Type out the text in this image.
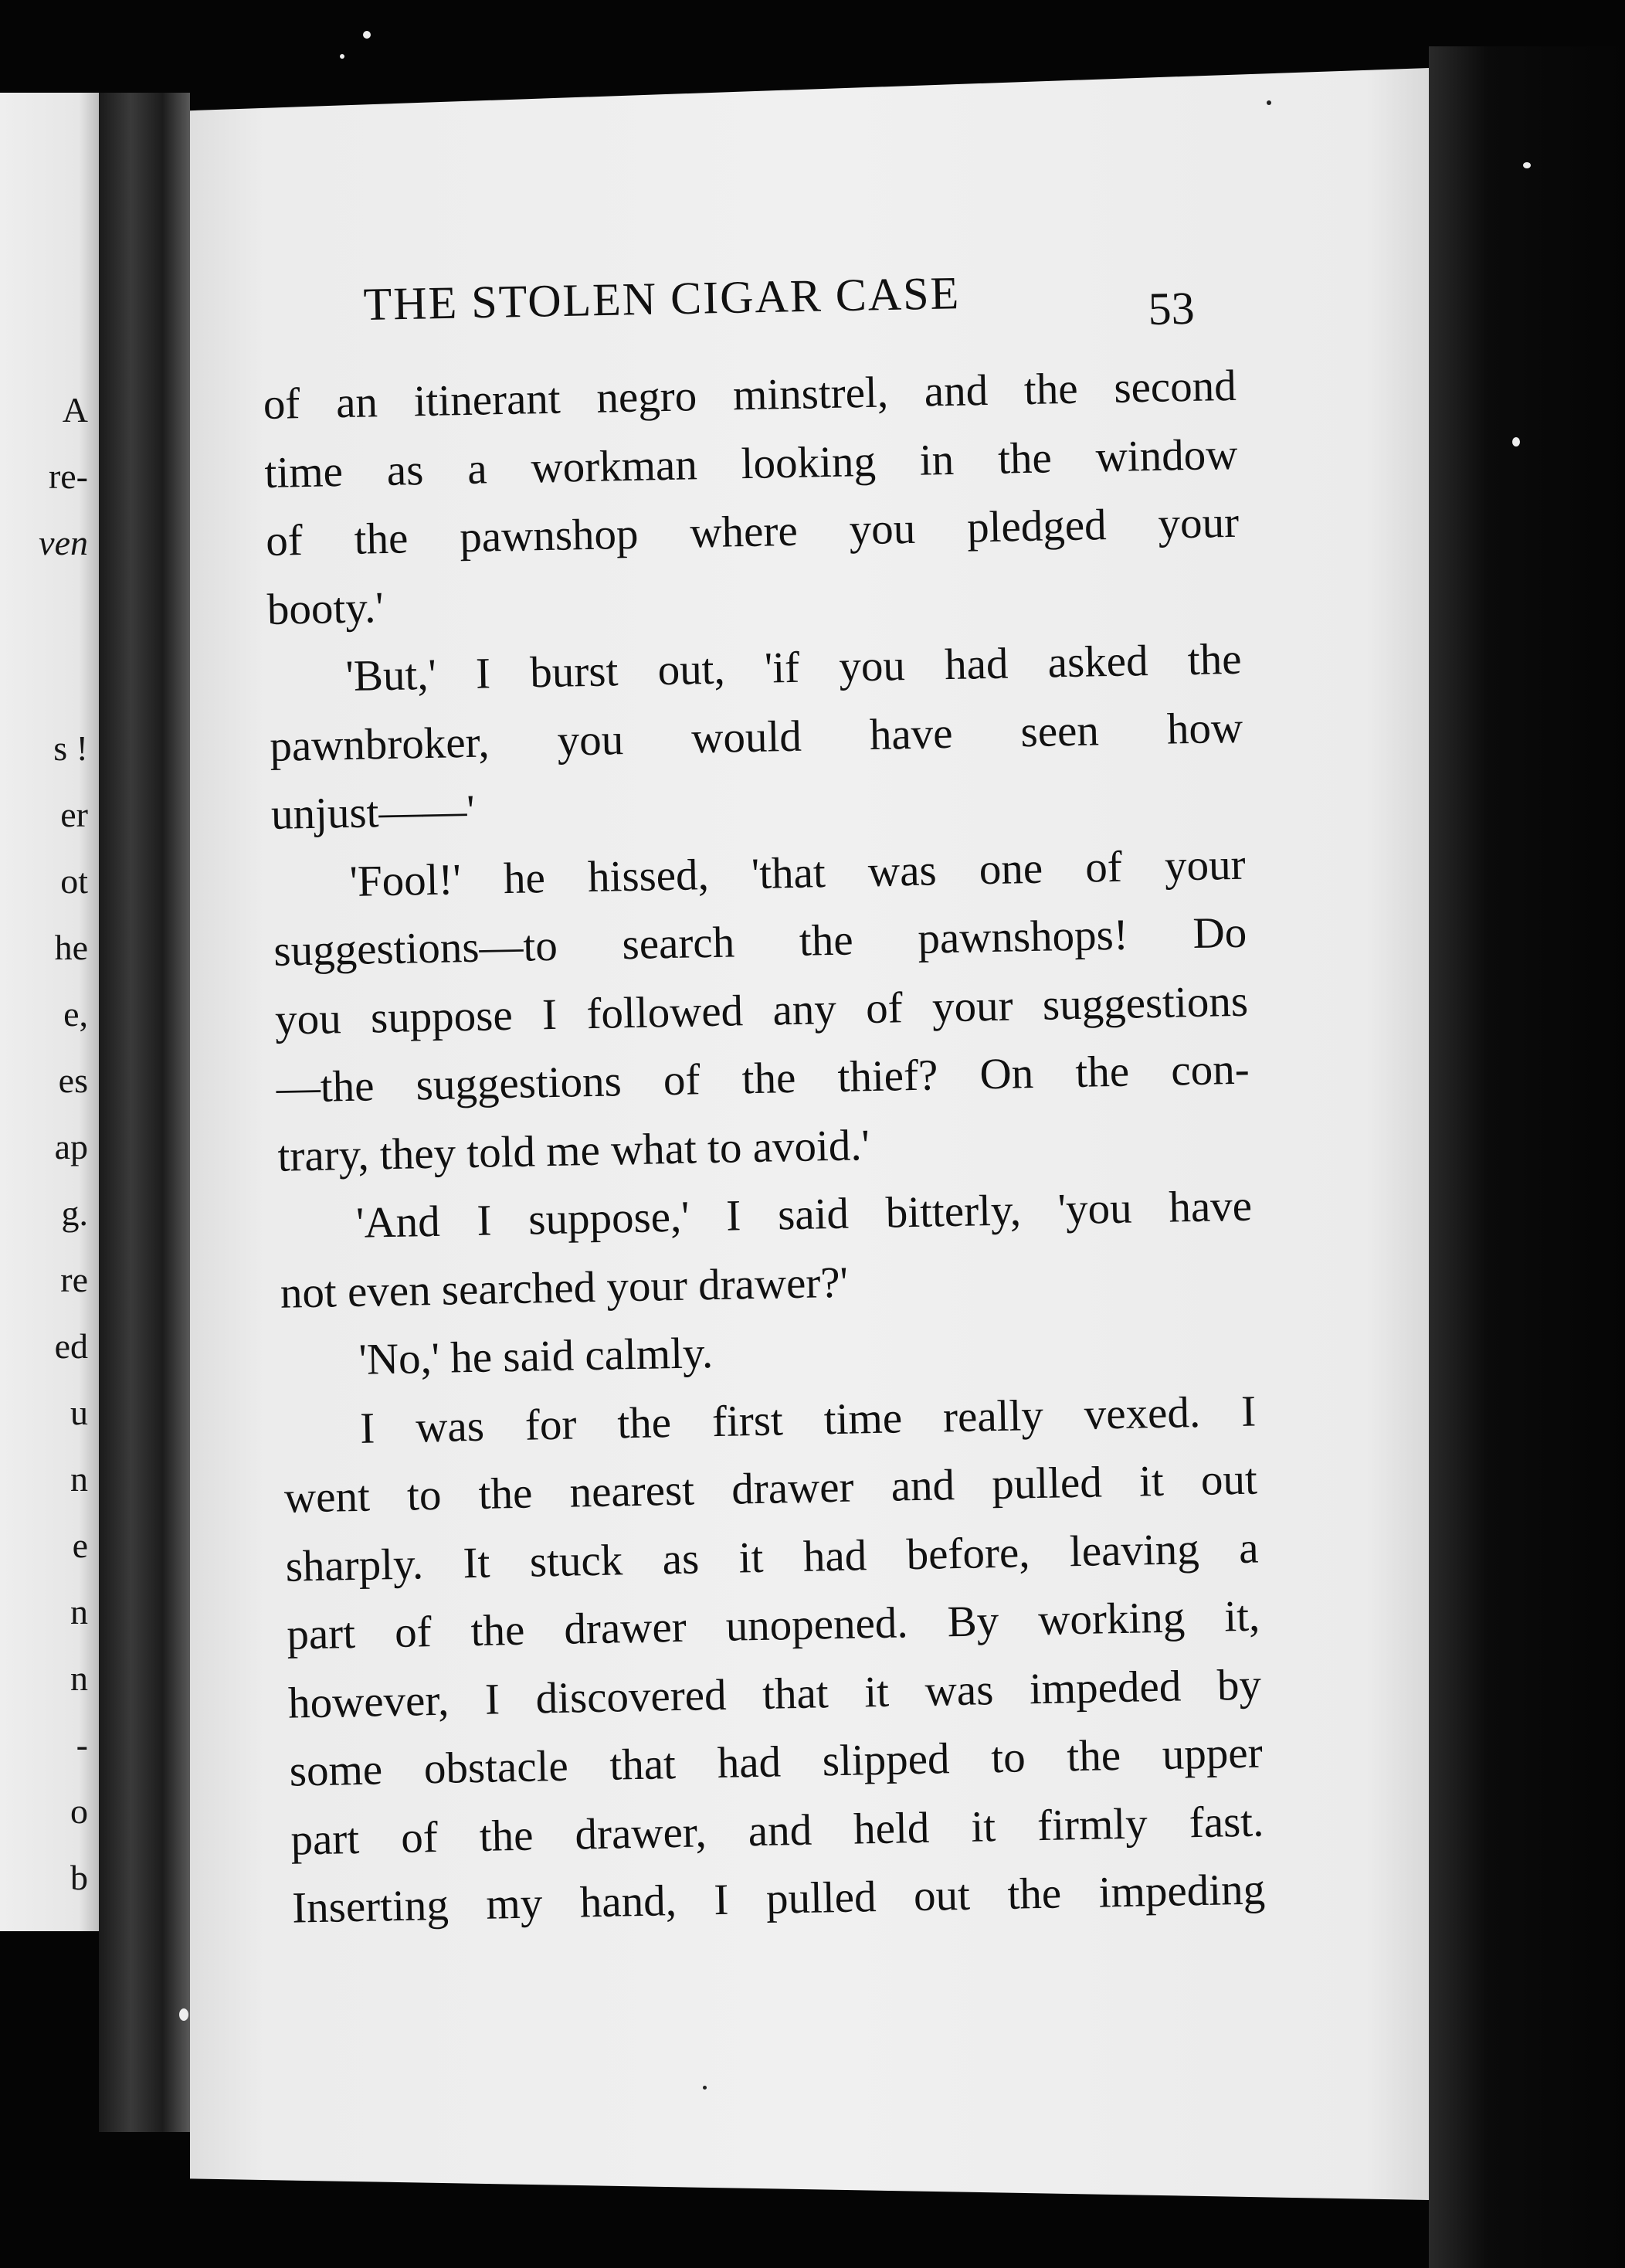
A
re-
ven
s !
er
ot
he
e,
es
ap
g.
re
ed
u
n
e
n
n
-
o
b
THE STOLEN CIGAR CASE	53
of an itinerant negro minstrel, and the second
time as a workman looking in the window
of the pawnshop where you pledged your
booty.'
'But,' I burst out, 'if you had asked the
pawnbroker, you would have seen how
unjust——'
'Fool!' he hissed, 'that was one of your
suggestions—to search the pawnshops! Do
you suppose I followed any of your suggestions
—the suggestions of the thief? On the con-
trary, they told me what to avoid.'
'And I suppose,' I said bitterly, 'you have
not even searched your drawer?'
'No,' he said calmly.
I was for the first time really vexed. I
went to the nearest drawer and pulled it out
sharply. It stuck as it had before, leaving a
part of the drawer unopened. By working it,
however, I discovered that it was impeded by
some obstacle that had slipped to the upper
part of the drawer, and held it firmly fast.
Inserting my hand, I pulled out the impeding
